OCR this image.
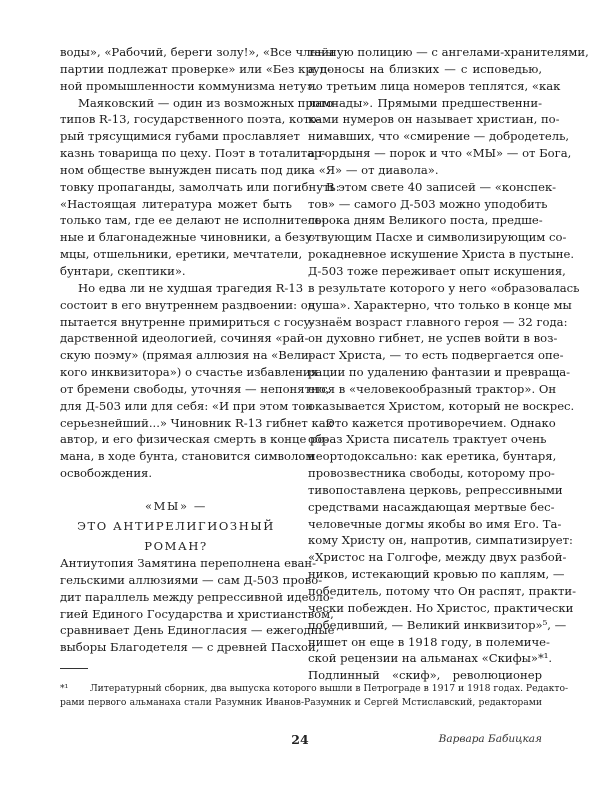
воды», «Рабочий, береги золу!», «Все члены
партии подлежат проверке» или «Без круп-
ной промышленности коммунизма нету».
Маяковский — один из возможных прото-
типов R-13, государственного поэта, кото-
рый трясущимися губами прославляет
казнь товарища по цеху. Поэт в тоталитар-
ном обществе вынужден писать под дик-
товку пропаганды, замолчать или погибнуть:
«Настоящая литература может быть
только там, где ее делают не исполнитель-
ные и благонадежные чиновники, а безу-
мцы, отшельники, еретики, мечтатели,
бунтари, скептики».
Но едва ли не худшая трагедия R-13
состоит в его внутреннем раздвоении: он
пытается внутренне примириться с госу-
дарственной идеологией, сочиняя «рай-
скую поэму» (прямая аллюзия на «Вели-
кого инквизитора») о счастье избавления
от бремени свободы, уточняя — непонятно,
для Д-503 или для себя: «И при этом тон
серьезнейший...» Чиновник R-13 гибнет как
автор, и его физическая смерть в конце ро-
мана, в ходе бунта, становится символом
освобождения.
«МЫ» —
ЭТО АНТИРЕЛИГИОЗНЫЙ
РОМАН?
Антиутопия Замятина переполнена еван-
гельскими аллюзиями — сам Д-503 прово-
дит параллель между репрессивной идеоло-
гией Единого Государства и христианством,
сравнивает День Единогласия — ежегодные
выборы Благодетеля — с древней Пасхой,
тайную полицию — с ангелами-хранителями,
а доносы на близких — с исповедью,
по третьим лица номеров теплятся, «как
лампады». Прямыми предшественни-
ками нумеров он называет христиан, по-
нимавших, что «смирение — добродетель,
а гордыня — порок и что «МЫ» — от Бога,
а «Я» — от диавола».
В этом свете 40 записей — «конспек-
тов» — самого Д-503 можно уподобить
сорока дням Великого поста, предше-
ствующим Пасхе и символизирующим со-
рокадневное искушение Христа в пустыне.
Д-503 тоже переживает опыт искушения,
в результате которого у него «образовалась
душа». Характерно, что только в конце мы
узнаём возраст главного героя — 32 года:
он духовно гибнет, не успев войти в воз-
раст Христа, — то есть подвергается опе-
рации по удалению фантазии и превраща-
ется в «человекообразный трактор». Он
оказывается Христом, который не воскрес.
Это кажется противоречием. Однако
образ Христа писатель трактует очень
неортодоксально: как еретика, бунтаря,
провозвестника свободы, которому про-
тивопоставлена церковь, репрессивными
средствами насаждающая мертвые бес-
человечные догмы якобы во имя Его. Та-
кому Христу он, напротив, симпатизирует:
«Христос на Голгофе, между двух разбой-
ников, истекающий кровью по каплям, —
победитель, потому что Он распят, практи-
чески побежден. Но Христос, практически
победивший, — Великий инквизитор»⁵, —
пишет он еще в 1918 году, в полемиче-
ской рецензии на альманах «Скифы»*¹.
Подлинный «скиф», революционер
*¹	Литературный сборник, два выпуска которого вышли в Петрограде в 1917 и 1918 годах. Редакто-
рами первого альманаха стали Разумник Иванов-Разумник и Сергей Мстиславский, редакторами
24	Варвара Бабицкая
